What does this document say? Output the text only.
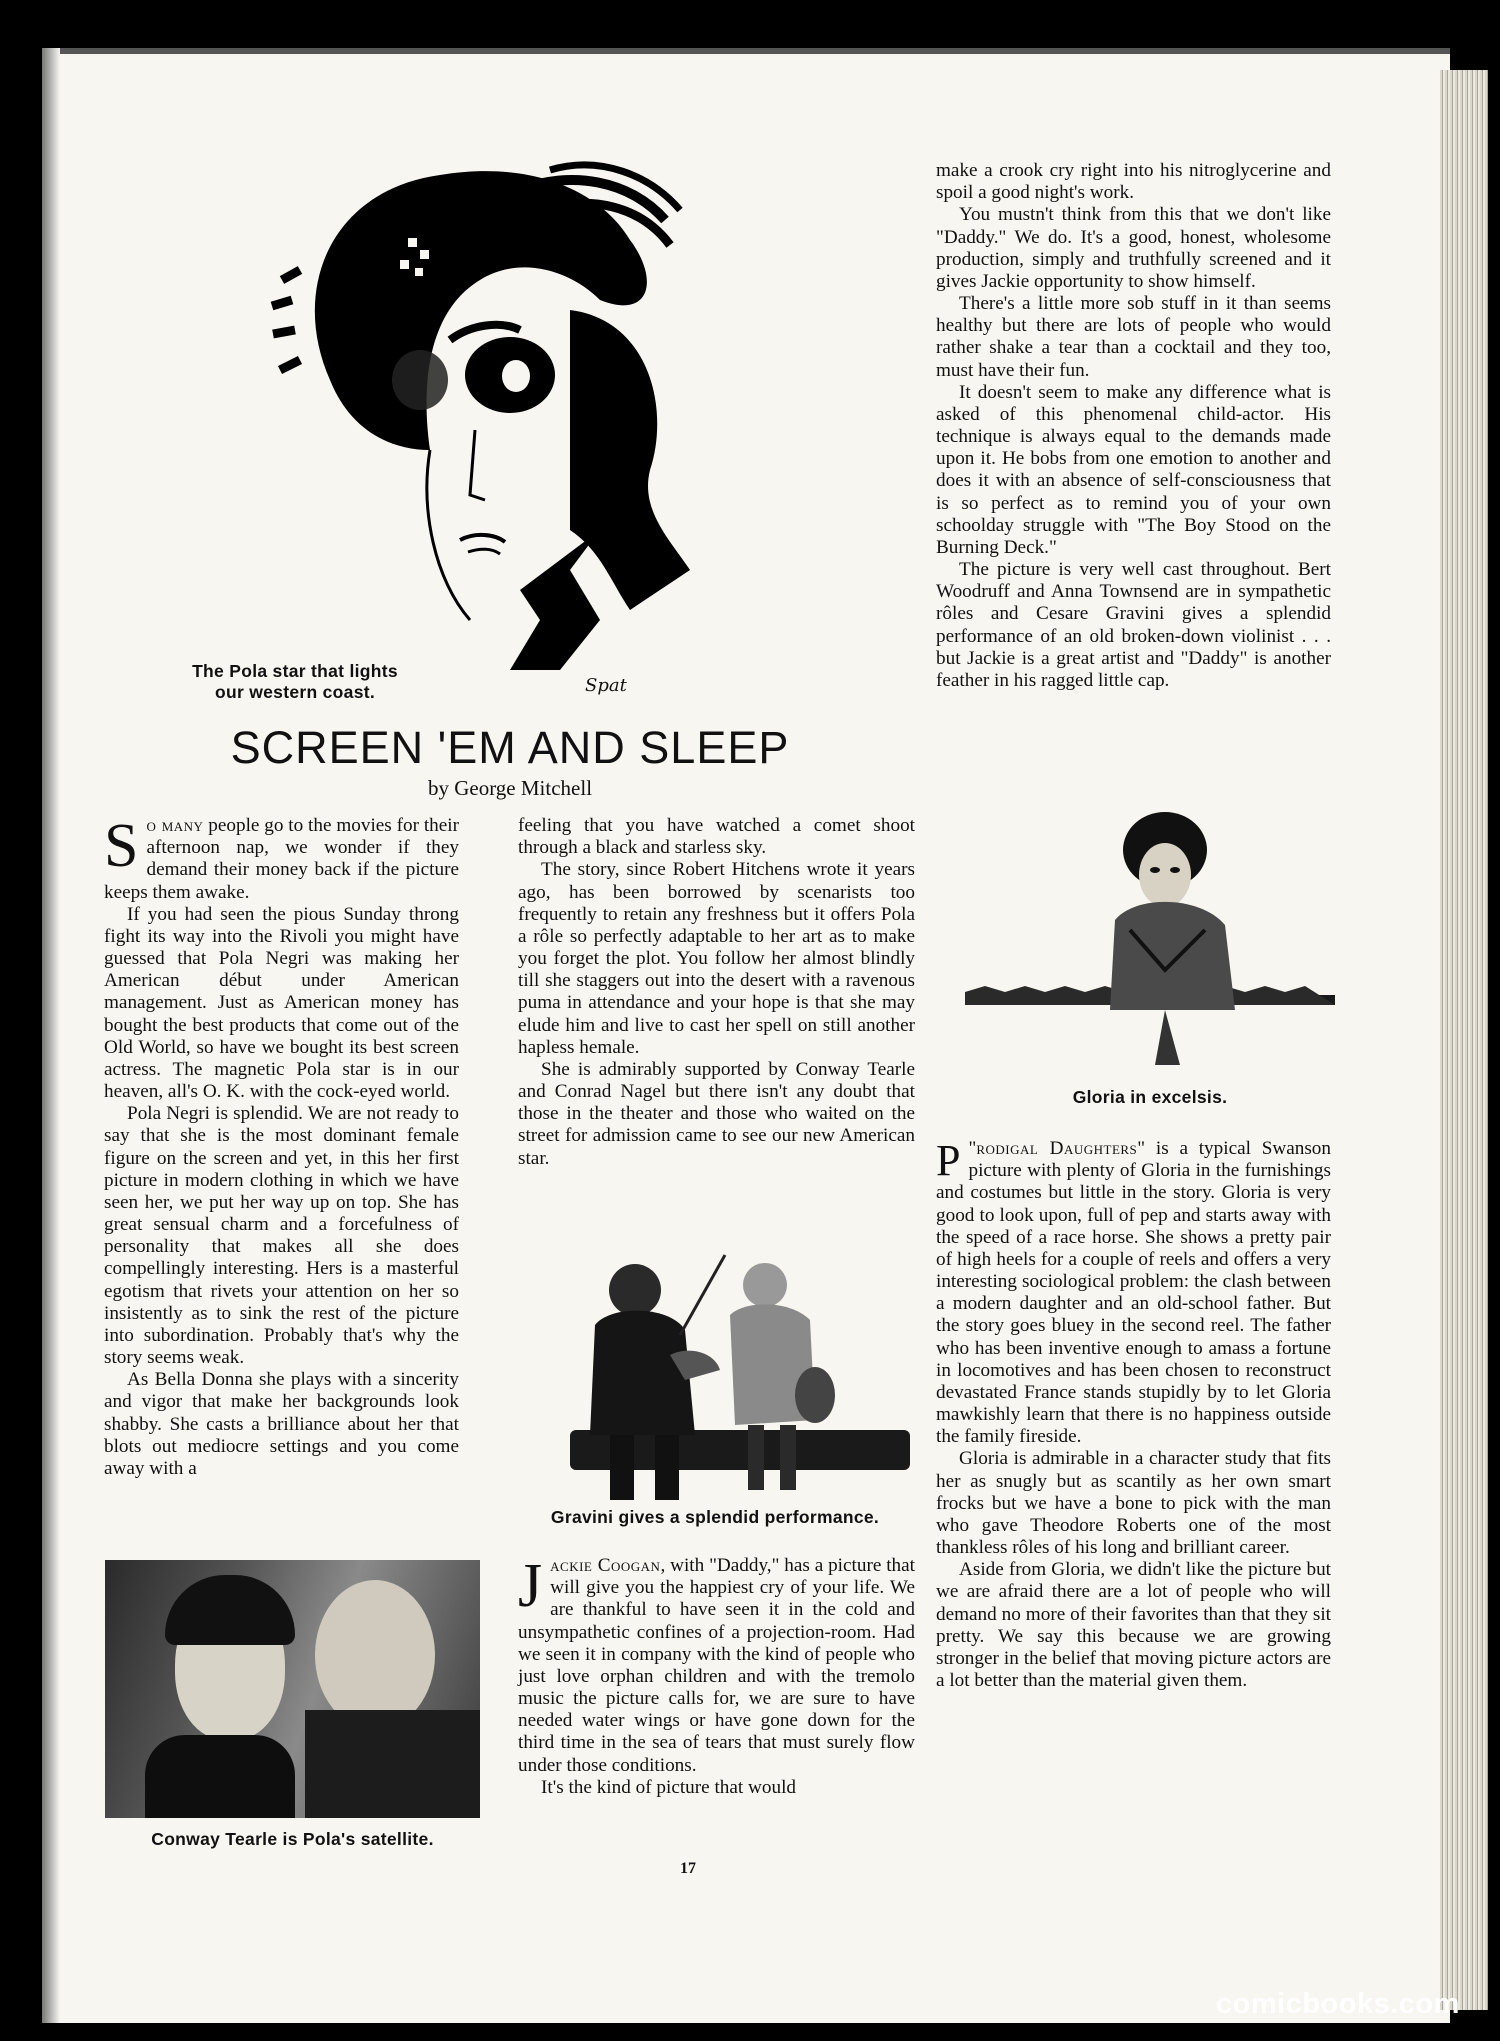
Spat
The Pola star that lights
our western coast.
SCREEN 'EM AND SLEEP
by George Mitchell

So many people go to the movies for their afternoon nap, we wonder if they demand their money back if the picture keeps them awake.

If you had seen the pious Sunday throng fight its way into the Rivoli you might have guessed that Pola Negri was making her American début under American management. Just as American money has bought the best products that come out of the Old World, so have we bought its best screen actress. The magnetic Pola star is in our heaven, all's O. K. with the cock-eyed world.

Pola Negri is splendid. We are not ready to say that she is the most dominant female figure on the screen and yet, in this her first picture in modern clothing in which we have seen her, we put her way up on top. She has great sensual charm and a forcefulness of personality that makes all she does compellingly interesting. Hers is a masterful egotism that rivets your attention on her so insistently as to sink the rest of the picture into subordination. Probably that's why the story seems weak.

As Bella Donna she plays with a sincerity and vigor that make her backgrounds look shabby. She casts a brilliance about her that blots out mediocre settings and you come away with a

Conway Tearle is Pola's satellite.

feeling that you have watched a comet shoot through a black and starless sky.

The story, since Robert Hitchens wrote it years ago, has been borrowed by scenarists too frequently to retain any freshness but it offers Pola a rôle so perfectly adaptable to her art as to make you forget the plot. You follow her almost blindly till she staggers out into the desert with a ravenous puma in attendance and your hope is that she may elude him and live to cast her spell on still another hapless hemale.

She is admirably supported by Conway Tearle and Conrad Nagel but there isn't any doubt that those in the theater and those who waited on the street for admission came to see our new American star.

Gravini gives a splendid performance.

Jackie Coogan, with "Daddy," has a picture that will give you the happiest cry of your life. We are thankful to have seen it in the cold and unsympathetic confines of a projection-room. Had we seen it in company with the kind of people who just love orphan children and with the tremolo music the picture calls for, we are sure to have needed water wings or have gone down for the third time in the sea of tears that must surely flow under those conditions.

It's the kind of picture that would

make a crook cry right into his nitroglycerine and spoil a good night's work.

You mustn't think from this that we don't like "Daddy." We do. It's a good, honest, wholesome production, simply and truthfully screened and it gives Jackie opportunity to show himself.

There's a little more sob stuff in it than seems healthy but there are lots of people who would rather shake a tear than a cocktail and they too, must have their fun.

It doesn't seem to make any difference what is asked of this phenomenal child-actor. His technique is always equal to the demands made upon it. He bobs from one emotion to another and does it with an absence of self-consciousness that is so perfect as to remind you of your own schoolday struggle with "The Boy Stood on the Burning Deck."

The picture is very well cast throughout. Bert Woodruff and Anna Townsend are in sympathetic rôles and Cesare Gravini gives a splendid performance of an old broken-down violinist . . . but Jackie is a great artist and "Daddy" is another feather in his ragged little cap.

Gloria in excelsis.

"
P rodigal Daughters" is a typical Swanson picture with plenty of Gloria in the furnishings and costumes but little in the story. Gloria is very good to look upon, full of pep and starts away with the speed of a race horse. She shows a pretty pair of high heels for a couple of reels and offers a very interesting sociological problem: the clash between a modern daughter and an old-school father. But the story goes bluey in the second reel. The father who has been inventive enough to amass a fortune in locomotives and has been chosen to reconstruct devastated France stands stupidly by to let Gloria mawkishly learn that there is no happiness outside the family fireside.

Gloria is admirable in a character study that fits her as snugly but as scantily as her own smart frocks but we have a bone to pick with the man who gave Theodore Roberts one of the most thankless rôles of his long and brilliant career.

Aside from Gloria, we didn't like the picture but we are afraid there are a lot of people who will demand no more of their favorites than that they sit pretty. We say this because we are growing stronger in the belief that moving picture actors are a lot better than the material given them.

17
comicbooks.com
